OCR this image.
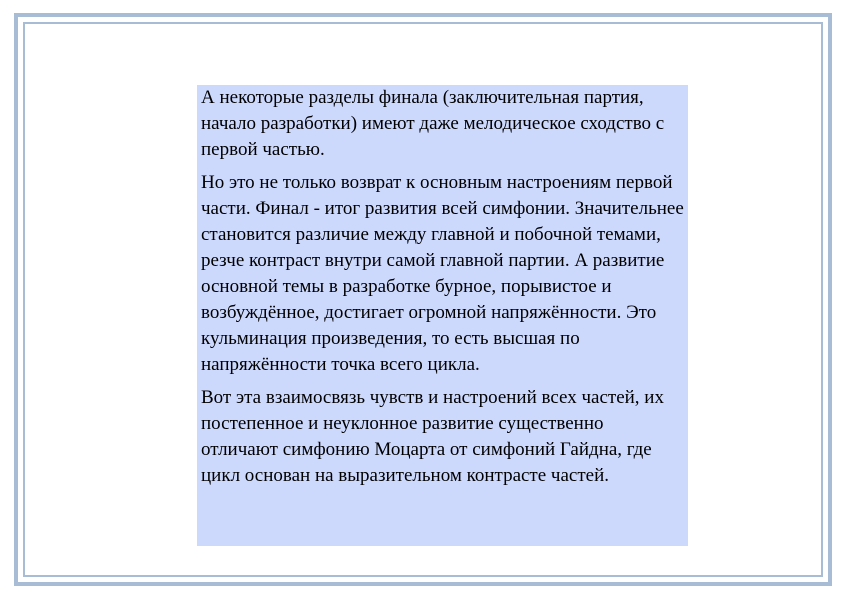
А некоторые разделы финала (заключительная партия, начало разработки) имеют даже мелодическое сходство с первой частью.

Но это не только возврат к основным настроениям первой части. Финал - итог развития всей симфонии. Значительнее становится различие между главной и побочной темами, резче контраст внутри самой главной партии. А развитие основной темы в разработке бурное, порывистое и возбуждённое, достигает огромной напряжённости. Это кульминация произведения, то есть высшая по напряжённости точка всего цикла.

Вот эта взаимосвязь чувств и настроений всех частей, их постепенное и неуклонное развитие существенно отличают симфонию Моцарта от симфоний Гайдна, где цикл основан на выразительном контрасте частей.
